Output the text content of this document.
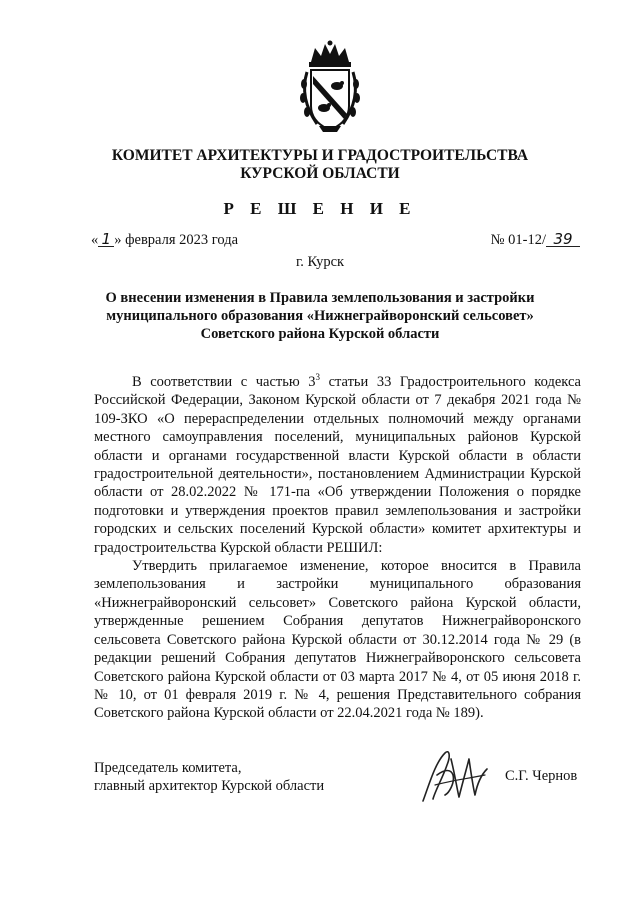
КОМИТЕТ АРХИТЕКТУРЫ И ГРАДОСТРОИТЕЛЬСТВА
КУРСКОЙ ОБЛАСТИ
Р Е Ш Е Н И Е
« 1 » февраля 2023 года	№ 01-12/ 39
г. Курск
О внесении изменения в Правила землепользования и застройки
муниципального образования «Нижнеграйворонский сельсовет»
Советского района Курской области

В соответствии с частью $3^3$ статьи 33 Градостроительного кодекса Российской Федерации, Законом Курской области от 7 декабря 2021 года № 109-ЗКО «О перераспределении отдельных полномочий между органами местного самоуправления поселений, муниципальных районов Курской области и органами государственной власти Курской области в области градостроительной деятельности», постановлением Администрации Курской области от 28.02.2022 № 171-па «Об утверждении Положения о порядке подготовки и утверждения проектов правил землепользования и застройки городских и сельских поселений Курской области» комитет архитектуры и градостроительства Курской области РЕШИЛ:

Утвердить прилагаемое изменение, которое вносится в Правила землепользования и застройки муниципального образования «Нижнеграйворонский сельсовет» Советского района Курской области, утвержденные решением Собрания депутатов Нижнеграйворонского сельсовета Советского района Курской области от 30.12.2014 года № 29 (в редакции решений Собрания депутатов Нижнеграйворонского сельсовета Советского района Курской области от 03 марта 2017 № 4, от 05 июня 2018 г. № 10, от 01 февраля 2019 г. № 4, решения Представительного собрания Советского района Курской области от 22.04.2021 года № 189).

Председатель комитета,
главный архитектор Курской области
С.Г. Чернов
